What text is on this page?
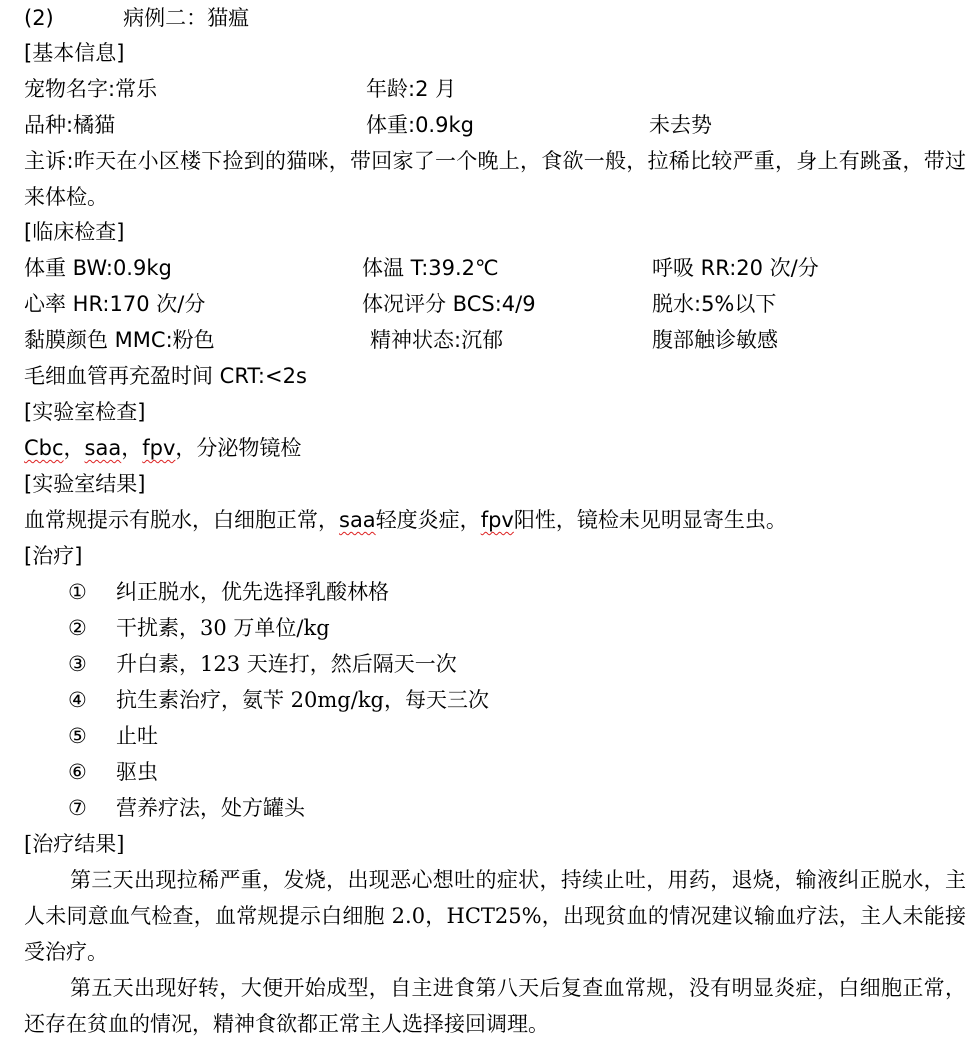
(2)	病例二：猫瘟
[基本信息]
宠物名字:常乐	年龄:2 月
品种:橘猫	体重:0.9kg	未去势
主诉:昨天在小区楼下捡到的猫咪，带回家了一个晚上，食欲一般，拉稀比较严重，身上有跳蚤，带过来体检。
[临床检查]
体重 BW:0.9kg	体温 T:39.2℃	呼吸 RR:20 次/分
心率 HR:170 次/分	体况评分 BCS:4/9	脱水:5%以下
黏膜颜色 MMC:粉色	精神状态:沉郁	腹部触诊敏感
毛细血管再充盈时间 CRT:<2s
[实验室检查]
Cbc，saa，fpv，分泌物镜检
[实验室结果]
血常规提示有脱水，白细胞正常，saa轻度炎症，fpv阳性，镜检未见明显寄生虫。
[治疗]
① 纠正脱水，优先选择乳酸林格
② 干扰素，30 万单位/kg
③ 升白素，123 天连打，然后隔天一次
④ 抗生素治疗，氨苄 20mg/kg，每天三次
⑤ 止吐
⑥ 驱虫
⑦ 营养疗法，处方罐头
[治疗结果]
第三天出现拉稀严重，发烧，出现恶心想吐的症状，持续止吐，用药，退烧，输液纠正脱水，主人未同意血气检查，血常规提示白细胞 2.0，HCT25%，出现贫血的情况建议输血疗法，主人未能接受治疗。
第五天出现好转，大便开始成型，自主进食第八天后复查血常规，没有明显炎症，白细胞正常，还存在贫血的情况，精神食欲都正常主人选择接回调理。
